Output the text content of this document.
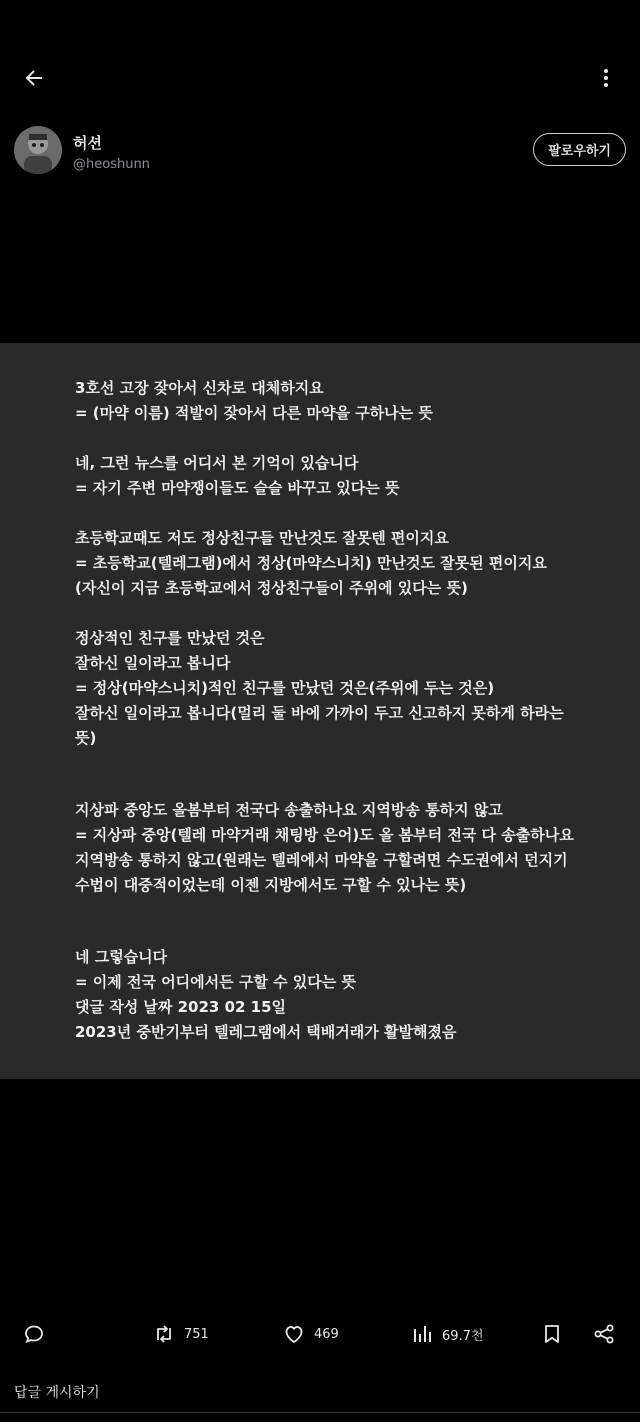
허션
@heoshunn
팔로우하기
3호선 고장 잦아서 신차로 대체하지요
= (마약 이름) 적발이 잦아서 다른 마약을 구하나는 뜻
네, 그런 뉴스를 어디서 본 기억이 있습니다
= 자기 주변 마약쟁이들도 슬슬 바꾸고 있다는 뜻
초등학교때도 저도 정상친구들 만난것도 잘못텐 편이지요
= 초등학교(텔레그램)에서 정상(마약스니치) 만난것도 잘못된 편이지요
(자신이 지금 초등학교에서 정상친구들이 주위에 있다는 뜻)
정상적인 친구를 만났던 것은
잘하신 일이라고 봅니다
= 정상(마약스니치)적인 친구를 만났던 것은(주위에 두는 것은)
잘하신 일이라고 봅니다(멀리 둘 바에 가까이 두고 신고하지 못하게 하라는
뜻)
지상파 중앙도 올봄부터 전국다 송출하나요 지역방송 통하지 않고
= 지상파 중앙(텔레 마약거래 채팅방 은어)도 올 봄부터 전국 다 송출하나요
지역방송 통하지 않고(원래는 텔레에서 마약을 구할려면 수도권에서 던지기
수법이 대중적이었는데 이젠 지방에서도 구할 수 있나는 뜻)
네 그렇습니다
= 이제 전국 어디에서든 구할 수 있다는 뜻
댓글 작성 날짜 2023 02 15일
2023년 중반기부터 텔레그램에서 택배거래가 활발해졌음
751	469	69.7천
답글 게시하기
